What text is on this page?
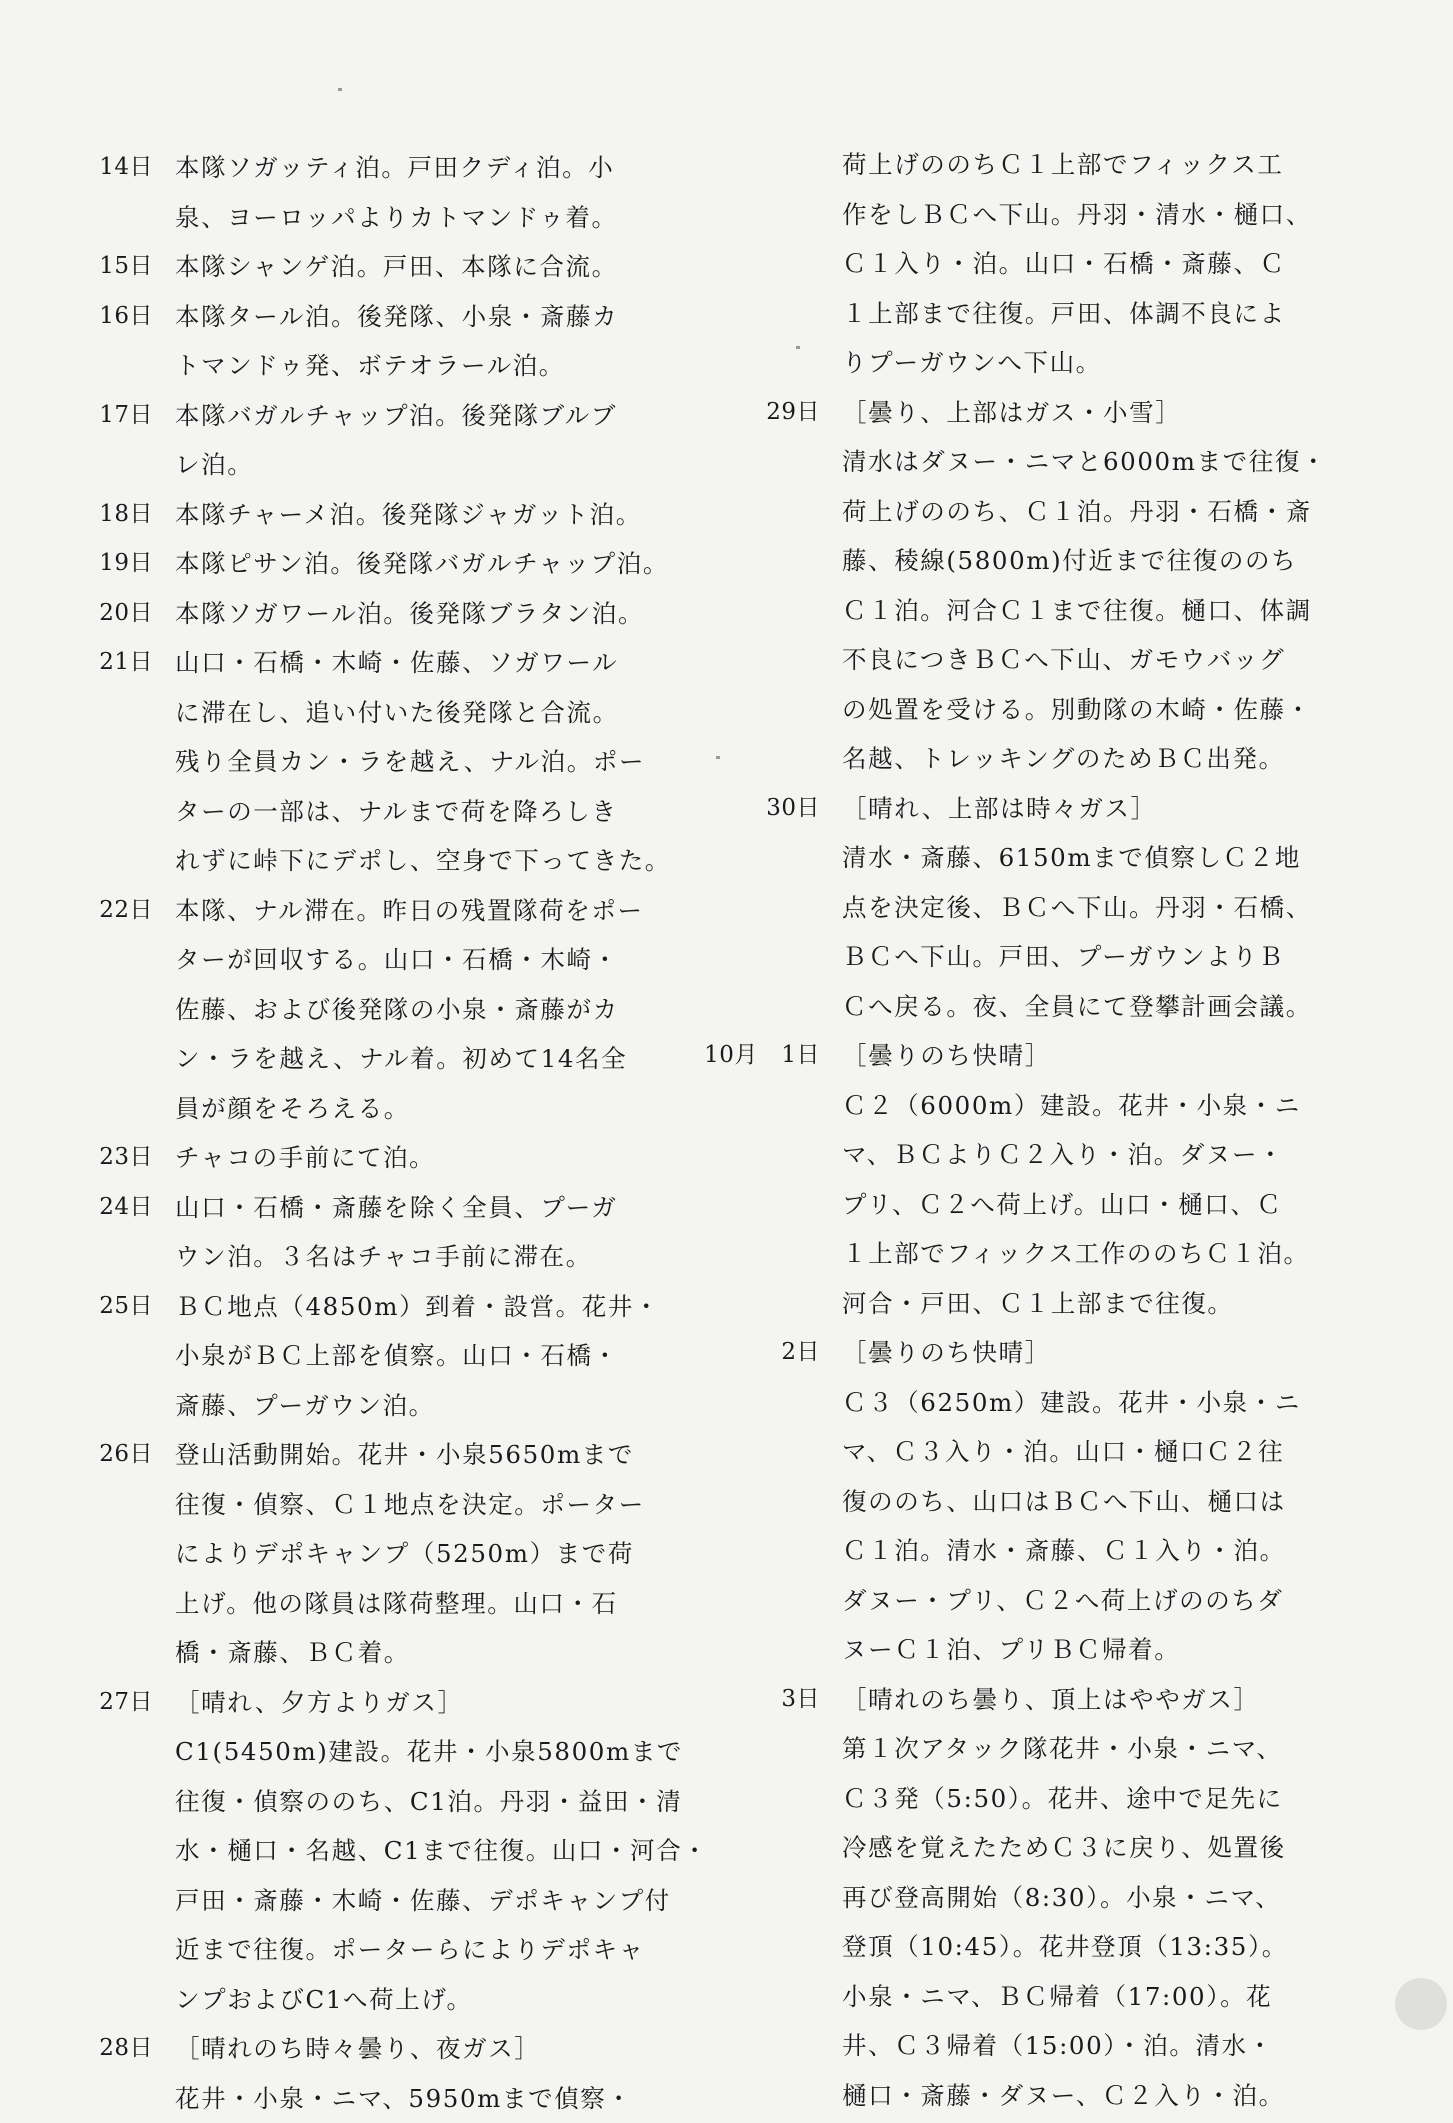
14日 本隊ソガッティ泊。戸田クディ泊。小
泉、ヨーロッパよりカトマンドゥ着。
15日 本隊シャンゲ泊。戸田、本隊に合流。
16日 本隊タール泊。後発隊、小泉・斎藤カ
トマンドゥ発、ボテオラール泊。
17日 本隊バガルチャップ泊。後発隊ブルブ
レ泊。
18日 本隊チャーメ泊。後発隊ジャガット泊。
19日 本隊ピサン泊。後発隊バガルチャップ泊。
20日 本隊ソガワール泊。後発隊ブラタン泊。
21日 山口・石橋・木崎・佐藤、ソガワール
に滞在し、追い付いた後発隊と合流。
残り全員カン・ラを越え、ナル泊。ポー
ターの一部は、ナルまで荷を降ろしき
れずに峠下にデポし、空身で下ってきた。
22日 本隊、ナル滞在。昨日の残置隊荷をポー
ターが回収する。山口・石橋・木崎・
佐藤、および後発隊の小泉・斎藤がカ
ン・ラを越え、ナル着。初めて14名全
員が顔をそろえる。
23日 チャコの手前にて泊。
24日 山口・石橋・斎藤を除く全員、プーガ
ウン泊。３名はチャコ手前に滞在。
25日 ＢＣ地点（4850m）到着・設営。花井・
小泉がＢＣ上部を偵察。山口・石橋・
斎藤、プーガウン泊。
26日 登山活動開始。花井・小泉5650mまで
往復・偵察、Ｃ１地点を決定。ポーター
によりデポキャンプ（5250m）まで荷
上げ。他の隊員は隊荷整理。山口・石
橋・斎藤、ＢＣ着。
27日 ［晴れ、夕方よりガス］
C1(5450m)建設。花井・小泉5800mまで
往復・偵察ののち、C1泊。丹羽・益田・清
水・樋口・名越、C1まで往復。山口・河合・
戸田・斎藤・木崎・佐藤、デポキャンプ付
近まで往復。ポーターらによりデポキャ
ンプおよびC1へ荷上げ。
28日 ［晴れのち時々曇り、夜ガス］
花井・小泉・ニマ、5950mまで偵察・
荷上げののちＣ１上部でフィックス工
作をしＢＣへ下山。丹羽・清水・樋口、
Ｃ１入り・泊。山口・石橋・斎藤、Ｃ
１上部まで往復。戸田、体調不良によ
りプーガウンへ下山。
29日 ［曇り、上部はガス・小雪］
清水はダヌー・ニマと6000mまで往復・
荷上げののち、Ｃ１泊。丹羽・石橋・斎
藤、稜線(5800m)付近まで往復ののち
Ｃ１泊。河合Ｃ１まで往復。樋口、体調
不良につきＢＣへ下山、ガモウバッグ
の処置を受ける。別動隊の木崎・佐藤・
名越、トレッキングのためＢＣ出発。
30日 ［晴れ、上部は時々ガス］
清水・斎藤、6150mまで偵察しＣ２地
点を決定後、ＢＣへ下山。丹羽・石橋、
ＢＣへ下山。戸田、プーガウンよりＢ
Ｃへ戻る。夜、全員にて登攀計画会議。
10月　1日 ［曇りのち快晴］
Ｃ２（6000m）建設。花井・小泉・ニ
マ、ＢＣよりＣ２入り・泊。ダヌー・
プリ、Ｃ２へ荷上げ。山口・樋口、Ｃ
１上部でフィックス工作ののちＣ１泊。
河合・戸田、Ｃ１上部まで往復。
2日 ［曇りのち快晴］
Ｃ３（6250m）建設。花井・小泉・ニ
マ、Ｃ３入り・泊。山口・樋口Ｃ２往
復ののち、山口はＢＣへ下山、樋口は
Ｃ１泊。清水・斎藤、Ｃ１入り・泊。
ダヌー・プリ、Ｃ２へ荷上げののちダ
ヌーＣ１泊、プリＢＣ帰着。
3日 ［晴れのち曇り、頂上はややガス］
第１次アタック隊花井・小泉・ニマ、
Ｃ３発（5:50）。花井、途中で足先に
冷感を覚えたためＣ３に戻り、処置後
再び登高開始（8:30）。小泉・ニマ、
登頂（10:45）。花井登頂（13:35）。
小泉・ニマ、ＢＣ帰着（17:00）。花
井、Ｃ３帰着（15:00）・泊。清水・
樋口・斎藤・ダヌー、Ｃ２入り・泊。
